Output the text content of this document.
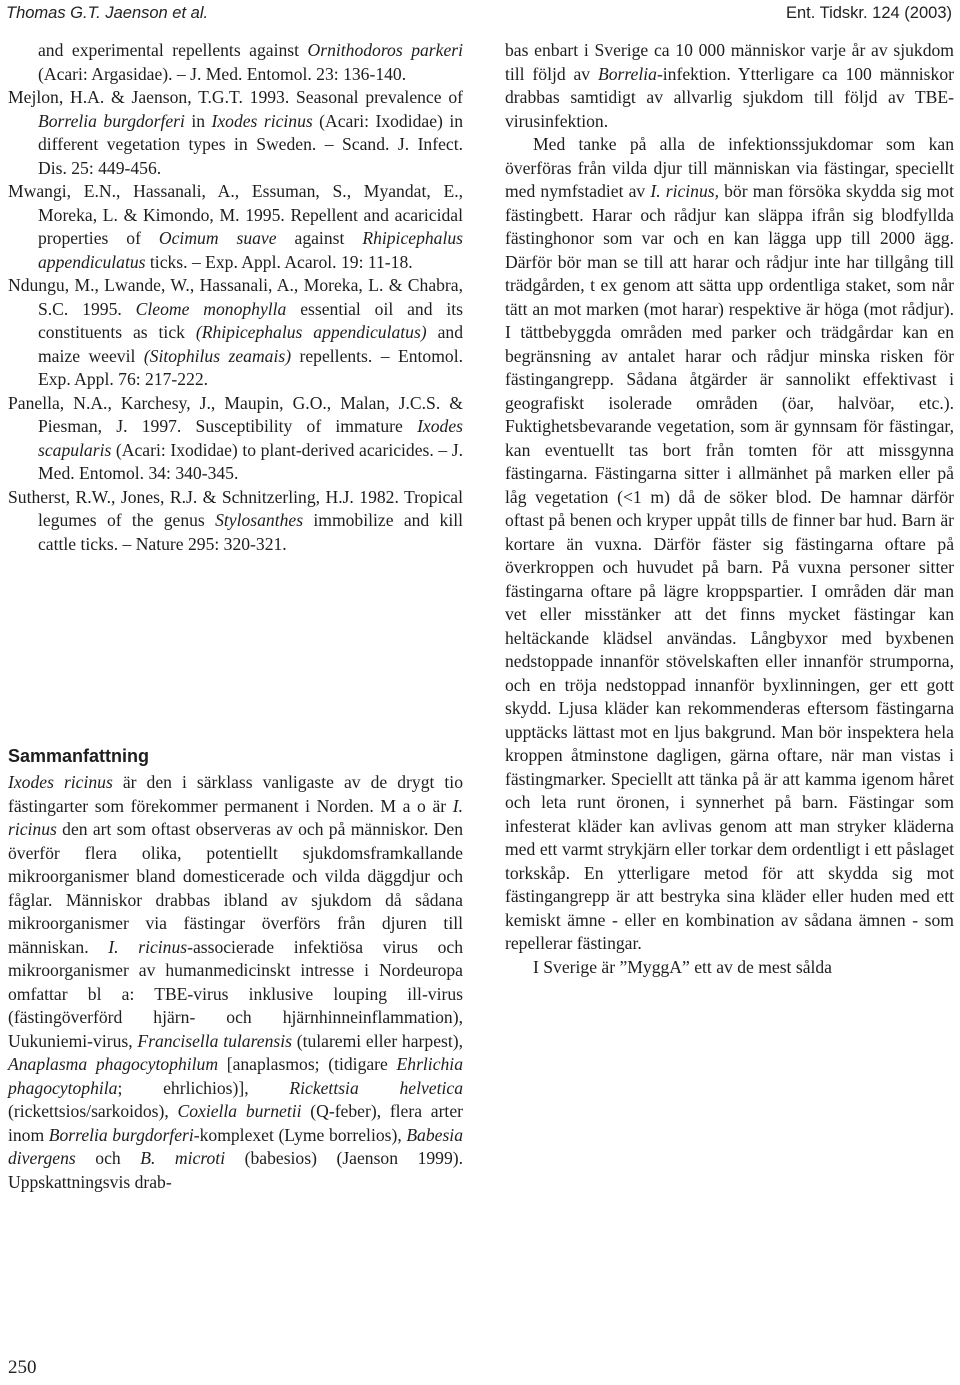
Thomas G.T. Jaenson et al.	Ent. Tidskr. 124 (2003)

and experimental repellents against Ornithodoros parkeri (Acari: Argasidae). – J. Med. Entomol. 23: 136-140.

Mejlon, H.A. & Jaenson, T.G.T. 1993. Seasonal prevalence of Borrelia burgdorferi in Ixodes ricinus (Acari: Ixodidae) in different vegetation types in Sweden. – Scand. J. Infect. Dis. 25: 449-456.

Mwangi, E.N., Hassanali, A., Essuman, S., Myandat, E., Moreka, L. & Kimondo, M. 1995. Repellent and acaricidal properties of Ocimum suave against Rhipicephalus appendiculatus ticks. – Exp. Appl. Acarol. 19: 11-18.

Ndungu, M., Lwande, W., Hassanali, A., Moreka, L. & Chabra, S.C. 1995. Cleome monophylla essential oil and its constituents as tick (Rhipicephalus appendiculatus) and maize weevil (Sitophilus zeamais) repellents. – Entomol. Exp. Appl. 76: 217-222.

Panella, N.A., Karchesy, J., Maupin, G.O., Malan, J.C.S. & Piesman, J. 1997. Susceptibility of immature Ixodes scapularis (Acari: Ixodidae) to plant-derived acaricides. – J. Med. Entomol. 34: 340-345.

Sutherst, R.W., Jones, R.J. & Schnitzerling, H.J. 1982. Tropical legumes of the genus Stylosanthes immobilize and kill cattle ticks. – Nature 295: 320-321.

Sammanfattning

Ixodes ricinus är den i särklass vanligaste av de drygt tio fästingarter som förekommer permanent i Norden. M a o är I. ricinus den art som oftast observeras av och på människor. Den överför flera olika, potentiellt sjukdomsframkallande mikroorganismer bland domesticerade och vilda däggdjur och fåglar. Människor drabbas ibland av sjukdom då sådana mikroorganismer via fästingar överförs från djuren till människan. I. ricinus-associerade infektiösa virus och mikroorganismer av humanmedicinskt intresse i Nordeuropa omfattar bl a: TBE-virus inklusive louping ill-virus (fästingöverförd hjärn- och hjärnhinneinflammation), Uukuniemi-virus, Francisella tularensis (tularemi eller harpest), Anaplasma phagocytophilum [anaplasmos; (tidigare Ehrlichia phagocytophila; ehrlichios)], Rickettsia helvetica (rickettsios/sarkoidos), Coxiella burnetii (Q-feber), flera arter inom Borrelia burgdorferi-komplexet (Lyme borrelios), Babesia divergens och B. microti (babesios) (Jaenson 1999). Uppskattningsvis drab-

bas enbart i Sverige ca 10 000 människor varje år av sjukdom till följd av Borrelia-infektion. Ytterligare ca 100 människor drabbas samtidigt av allvarlig sjukdom till följd av TBE-virusinfektion.

Med tanke på alla de infektionssjukdomar som kan överföras från vilda djur till människan via fästingar, speciellt med nymfstadiet av I. ricinus, bör man försöka skydda sig mot fästingbett. Harar och rådjur kan släppa ifrån sig blodfyllda fästinghonor som var och en kan lägga upp till 2000 ägg. Därför bör man se till att harar och rådjur inte har tillgång till trädgården, t ex genom att sätta upp ordentliga staket, som når tätt an mot marken (mot harar) respektive är höga (mot rådjur). I tättbebyggda områden med parker och trädgårdar kan en begränsning av antalet harar och rådjur minska risken för fästingangrepp. Sådana åtgärder är sannolikt effektivast i geografiskt isolerade områden (öar, halvöar, etc.). Fuktighetsbevarande vegetation, som är gynnsam för fästingar, kan eventuellt tas bort från tomten för att missgynna fästingarna. Fästingarna sitter i allmänhet på marken eller på låg vegetation (<1 m) då de söker blod. De hamnar därför oftast på benen och kryper uppåt tills de finner bar hud. Barn är kortare än vuxna. Därför fäster sig fästingarna oftare på överkroppen och huvudet på barn. På vuxna personer sitter fästingarna oftare på lägre kroppspartier. I områden där man vet eller misstänker att det finns mycket fästingar kan heltäckande klädsel användas. Långbyxor med byxbenen nedstoppade innanför stövelskaften eller innanför strumporna, och en tröja nedstoppad innanför byxlinningen, ger ett gott skydd. Ljusa kläder kan rekommenderas eftersom fästingarna upptäcks lättast mot en ljus bakgrund. Man bör inspektera hela kroppen åtminstone dagligen, gärna oftare, när man vistas i fästingmarker. Speciellt att tänka på är att kamma igenom håret och leta runt öronen, i synnerhet på barn. Fästingar som infesterat kläder kan avlivas genom att man stryker kläderna med ett varmt strykjärn eller torkar dem ordentligt i ett påslaget torkskåp. En ytterligare metod för att skydda sig mot fästingangrepp är att bestryka sina kläder eller huden med ett kemiskt ämne - eller en kombination av sådana ämnen - som repellerar fästingar.

I Sverige är ”MyggA” ett av de mest sålda

250
